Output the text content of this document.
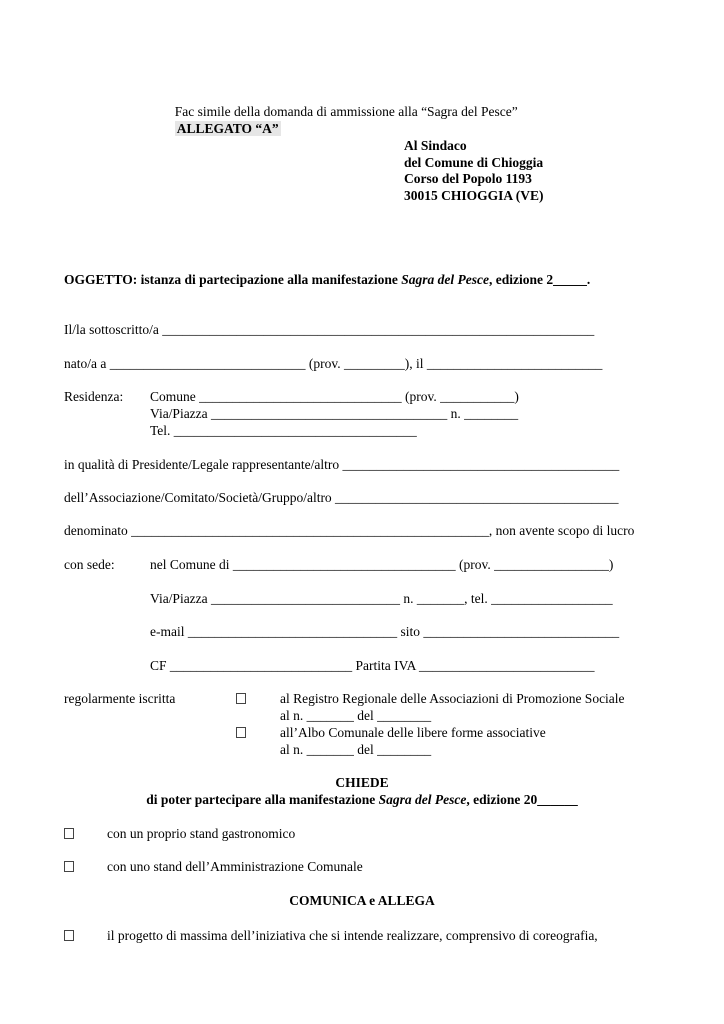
Fac simile della domanda di ammissione alla “Sagra del Pesce”
ALLEGATO “A”

Al Sindaco
del Comune di Chioggia
Corso del Popolo 1193
30015 CHIOGGIA (VE)
OGGETTO: istanza di partecipazione alla manifestazione Sagra del Pesce, edizione 2_____.
Il/la sottoscritto/a ________________________________________________________________
nato/a a _____________________________ (prov. _________), il __________________________
Residenza: Comune ______________________________ (prov. ___________)
Via/Piazza ___________________________________ n. ________
Tel. ____________________________________
in qualità di Presidente/Legale rappresentante/altro _________________________________________
dell’Associazione/Comitato/Società/Gruppo/altro __________________________________________
denominato _____________________________________________________, non avente scopo di lucro
con sede:	nel Comune di _________________________________ (prov. _________________)
Via/Piazza ____________________________ n. _______, tel. __________________
e-mail _______________________________ sito _____________________________
CF ___________________________ Partita IVA __________________________
regolarmente iscritta	al Registro Regionale delle Associazioni di Promozione Sociale
al n. _______ del ________
all’Albo Comunale delle libere forme associative
al n. _______ del ________
CHIEDE
di poter partecipare alla manifestazione Sagra del Pesce, edizione 20______
con un proprio stand gastronomico
con uno stand dell’Amministrazione Comunale
COMUNICA e ALLEGA
il progetto di massima dell’iniziativa che si intende realizzare, comprensivo di coreografia,
